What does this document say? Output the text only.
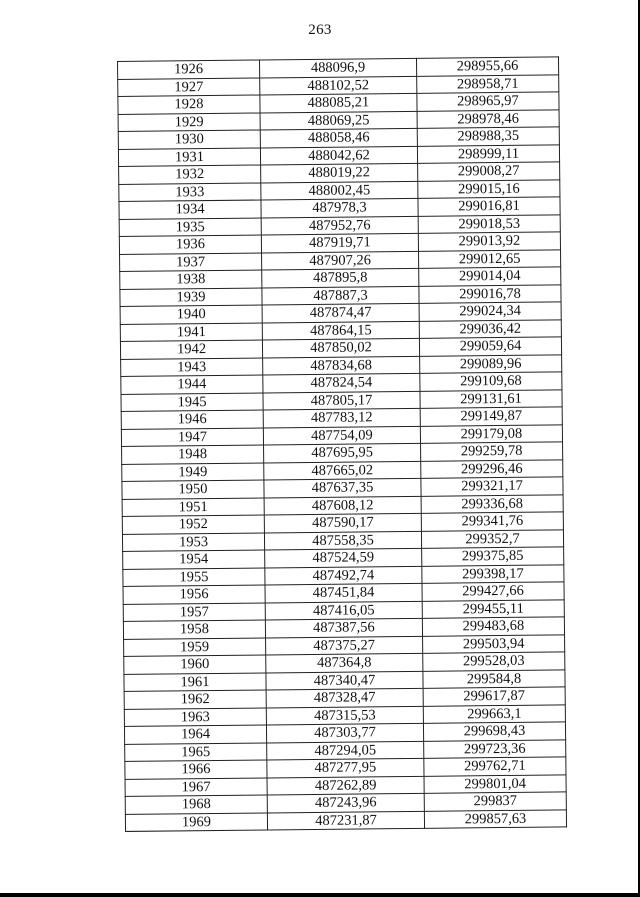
263
1926	488096,9	298955,66
1927	488102,52	298958,71
1928	488085,21	298965,97
1929	488069,25	298978,46
1930	488058,46	298988,35
1931	488042,62	298999,11
1932	488019,22	299008,27
1933	488002,45	299015,16
1934	487978,3	299016,81
1935	487952,76	299018,53
1936	487919,71	299013,92
1937	487907,26	299012,65
1938	487895,8	299014,04
1939	487887,3	299016,78
1940	487874,47	299024,34
1941	487864,15	299036,42
1942	487850,02	299059,64
1943	487834,68	299089,96
1944	487824,54	299109,68
1945	487805,17	299131,61
1946	487783,12	299149,87
1947	487754,09	299179,08
1948	487695,95	299259,78
1949	487665,02	299296,46
1950	487637,35	299321,17
1951	487608,12	299336,68
1952	487590,17	299341,76
1953	487558,35	299352,7
1954	487524,59	299375,85
1955	487492,74	299398,17
1956	487451,84	299427,66
1957	487416,05	299455,11
1958	487387,56	299483,68
1959	487375,27	299503,94
1960	487364,8	299528,03
1961	487340,47	299584,8
1962	487328,47	299617,87
1963	487315,53	299663,1
1964	487303,77	299698,43
1965	487294,05	299723,36
1966	487277,95	299762,71
1967	487262,89	299801,04
1968	487243,96	299837
1969	487231,87	299857,63
